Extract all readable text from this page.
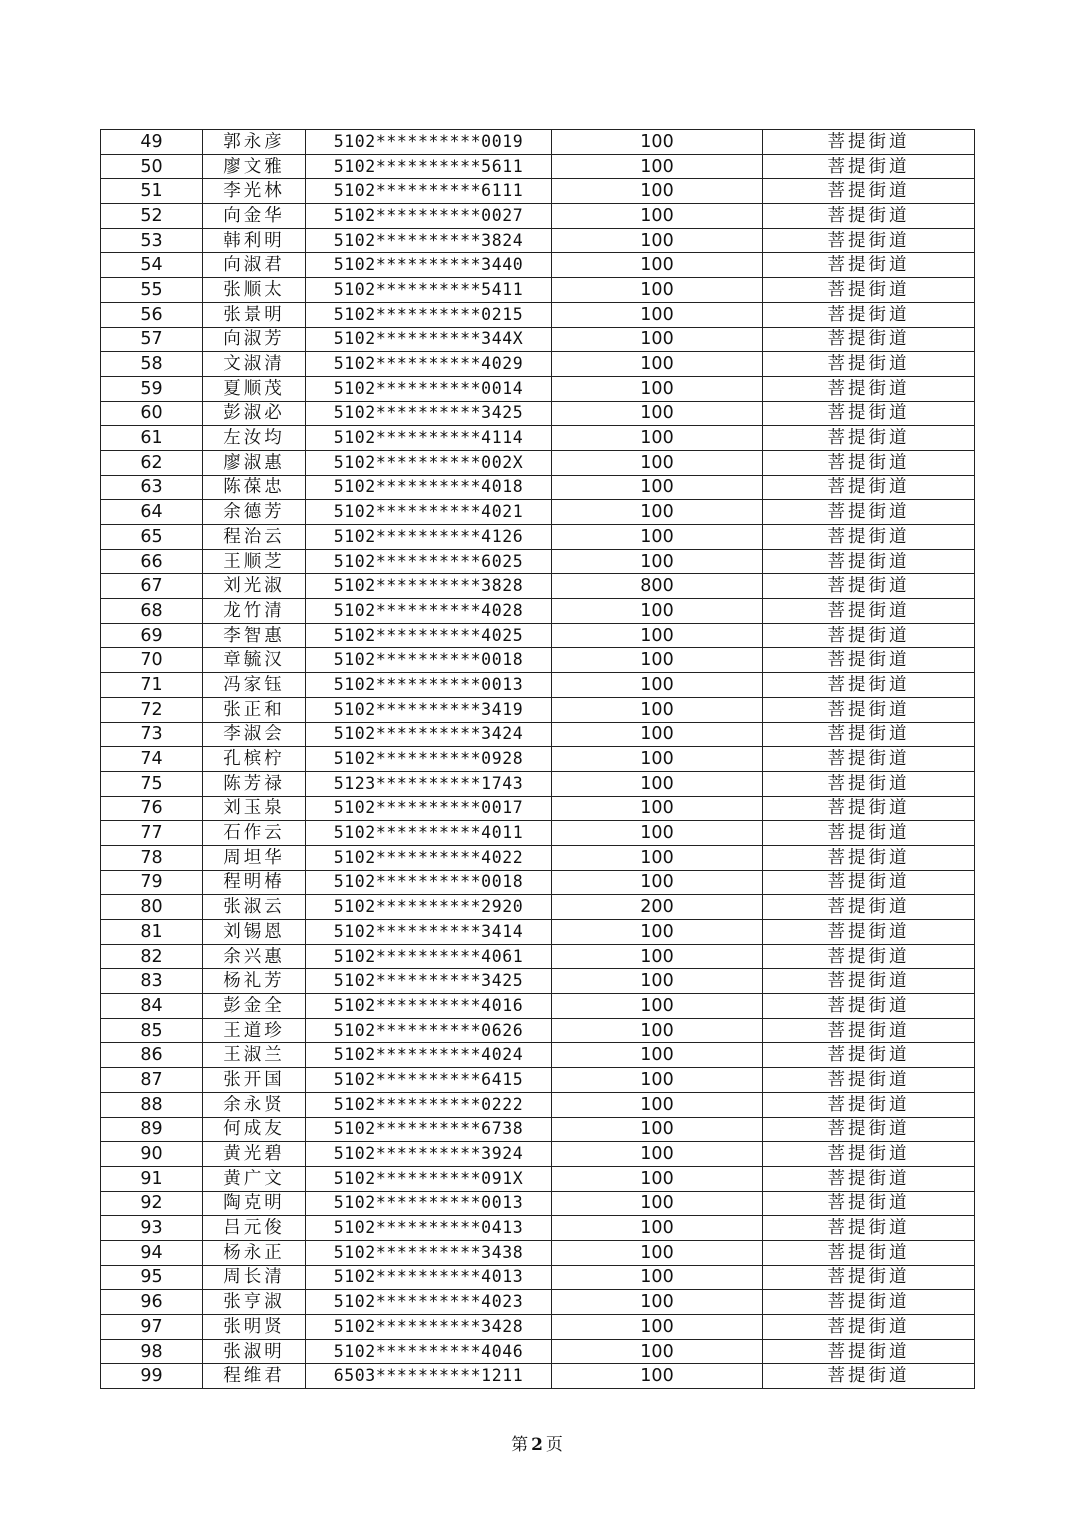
49	郭永彦	5102**********0019	100	菩提街道
50	廖文雅	5102**********5611	100	菩提街道
51	李光林	5102**********6111	100	菩提街道
52	向金华	5102**********0027	100	菩提街道
53	韩利明	5102**********3824	100	菩提街道
54	向淑君	5102**********3440	100	菩提街道
55	张顺太	5102**********5411	100	菩提街道
56	张景明	5102**********0215	100	菩提街道
57	向淑芳	5102**********344X	100	菩提街道
58	文淑清	5102**********4029	100	菩提街道
59	夏顺茂	5102**********0014	100	菩提街道
60	彭淑必	5102**********3425	100	菩提街道
61	左汝均	5102**********4114	100	菩提街道
62	廖淑惠	5102**********002X	100	菩提街道
63	陈葆忠	5102**********4018	100	菩提街道
64	余德芳	5102**********4021	100	菩提街道
65	程治云	5102**********4126	100	菩提街道
66	王顺芝	5102**********6025	100	菩提街道
67	刘光淑	5102**********3828	800	菩提街道
68	龙竹清	5102**********4028	100	菩提街道
69	李智惠	5102**********4025	100	菩提街道
70	章毓汉	5102**********0018	100	菩提街道
71	冯家钰	5102**********0013	100	菩提街道
72	张正和	5102**********3419	100	菩提街道
73	李淑会	5102**********3424	100	菩提街道
74	孔槟柠	5102**********0928	100	菩提街道
75	陈芳禄	5123**********1743	100	菩提街道
76	刘玉泉	5102**********0017	100	菩提街道
77	石作云	5102**********4011	100	菩提街道
78	周坦华	5102**********4022	100	菩提街道
79	程明椿	5102**********0018	100	菩提街道
80	张淑云	5102**********2920	200	菩提街道
81	刘锡恩	5102**********3414	100	菩提街道
82	余兴惠	5102**********4061	100	菩提街道
83	杨礼芳	5102**********3425	100	菩提街道
84	彭金全	5102**********4016	100	菩提街道
85	王道珍	5102**********0626	100	菩提街道
86	王淑兰	5102**********4024	100	菩提街道
87	张开国	5102**********6415	100	菩提街道
88	余永贤	5102**********0222	100	菩提街道
89	何成友	5102**********6738	100	菩提街道
90	黄光碧	5102**********3924	100	菩提街道
91	黄广文	5102**********091X	100	菩提街道
92	陶克明	5102**********0013	100	菩提街道
93	吕元俊	5102**********0413	100	菩提街道
94	杨永正	5102**********3438	100	菩提街道
95	周长清	5102**********4013	100	菩提街道
96	张亨淑	5102**********4023	100	菩提街道
97	张明贤	5102**********3428	100	菩提街道
98	张淑明	5102**********4046	100	菩提街道
99	程维君	6503**********1211	100	菩提街道
第 2 页
